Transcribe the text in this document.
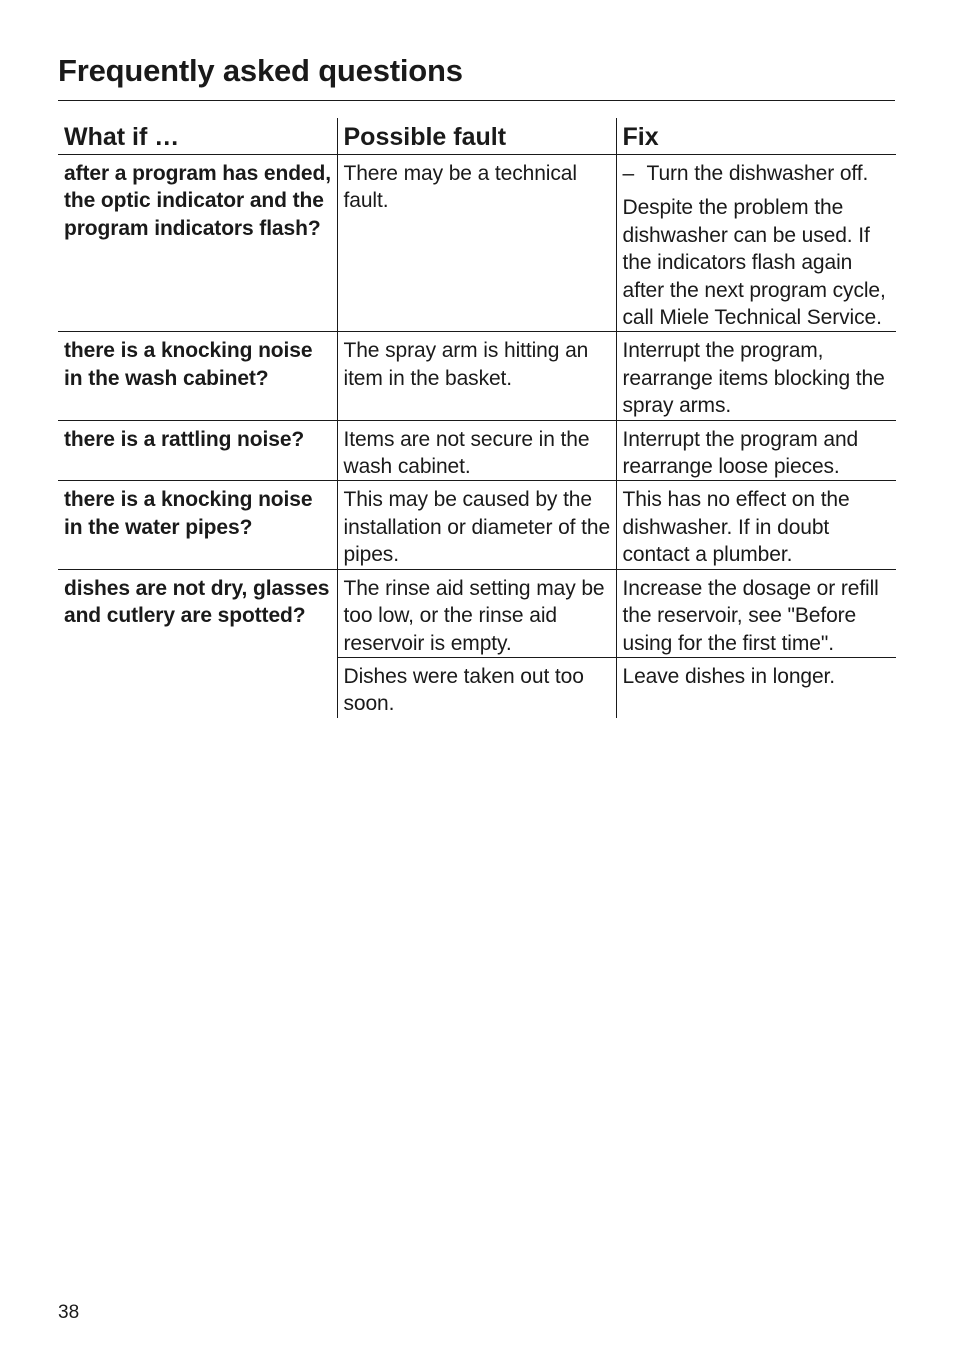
Frequently asked questions
What if …	Possible fault	Fix
after a program has ended, the optic indicator and the program indicators flash?	There may be a technical fault.	– Turn the dishwasher off.

Despite the problem the dishwasher can be used. If the indicators flash again after the next program cycle, call Miele Technical Service.

there is a knocking noise in the wash cabinet?	The spray arm is hitting an item in the basket.	Interrupt the program, rearrange items blocking the spray arms.
there is a rattling noise?	Items are not secure in the wash cabinet.	Interrupt the program and rearrange loose pieces.
there is a knocking noise in the water pipes?	This may be caused by the installation or diameter of the pipes.	This has no effect on the dishwasher. If in doubt contact a plumber.
dishes are not dry, glasses and cutlery are spotted?	The rinse aid setting may be too low, or the rinse aid reservoir is empty.	Increase the dosage or refill the reservoir, see "Before using for the first time".
	Dishes were taken out too soon.	Leave dishes in longer.
38
